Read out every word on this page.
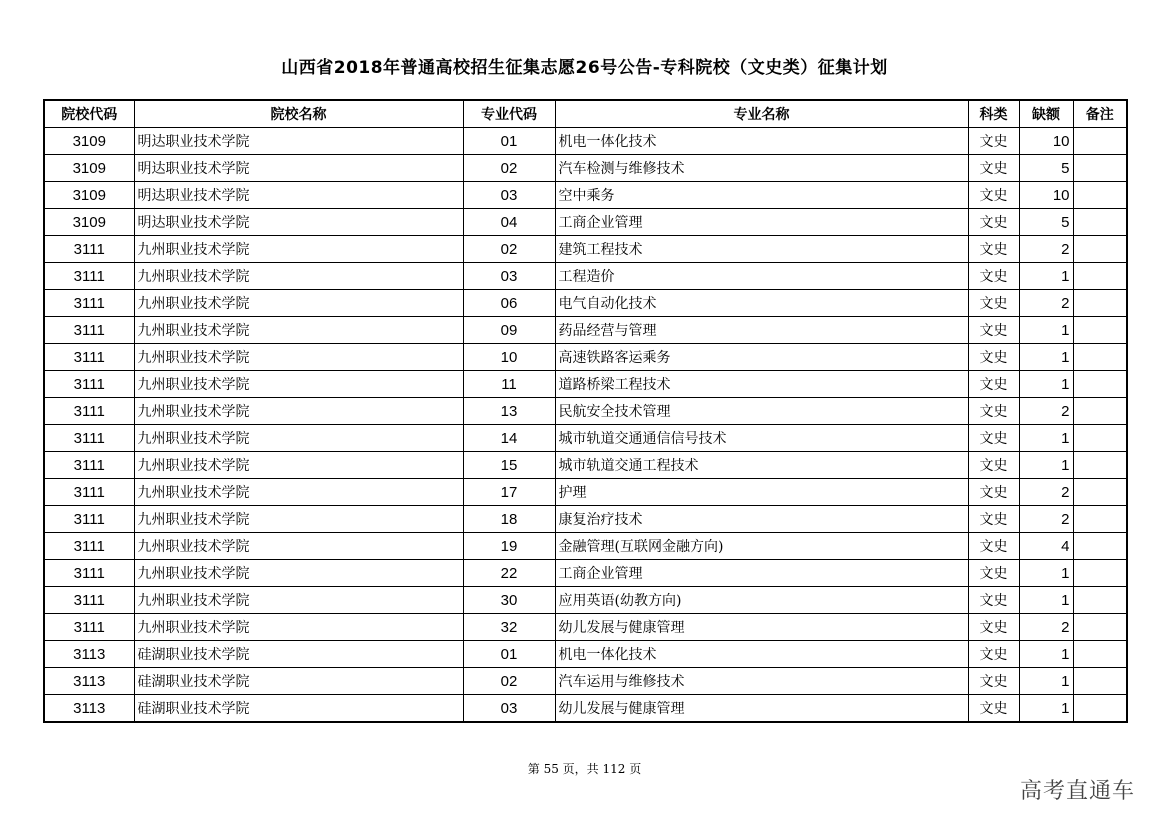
山西省2018年普通高校招生征集志愿26号公告-专科院校（文史类）征集计划
院校代码	院校名称	专业代码	专业名称	科类	缺额	备注
3109	明达职业技术学院	01	机电一体化技术	文史	10	
3109	明达职业技术学院	02	汽车检测与维修技术	文史	5	
3109	明达职业技术学院	03	空中乘务	文史	10	
3109	明达职业技术学院	04	工商企业管理	文史	5	
3111	九州职业技术学院	02	建筑工程技术	文史	2	
3111	九州职业技术学院	03	工程造价	文史	1	
3111	九州职业技术学院	06	电气自动化技术	文史	2	
3111	九州职业技术学院	09	药品经营与管理	文史	1	
3111	九州职业技术学院	10	高速铁路客运乘务	文史	1	
3111	九州职业技术学院	11	道路桥梁工程技术	文史	1	
3111	九州职业技术学院	13	民航安全技术管理	文史	2	
3111	九州职业技术学院	14	城市轨道交通通信信号技术	文史	1	
3111	九州职业技术学院	15	城市轨道交通工程技术	文史	1	
3111	九州职业技术学院	17	护理	文史	2	
3111	九州职业技术学院	18	康复治疗技术	文史	2	
3111	九州职业技术学院	19	金融管理(互联网金融方向)	文史	4	
3111	九州职业技术学院	22	工商企业管理	文史	1	
3111	九州职业技术学院	30	应用英语(幼教方向)	文史	1	
3111	九州职业技术学院	32	幼儿发展与健康管理	文史	2	
3113	硅湖职业技术学院	01	机电一体化技术	文史	1	
3113	硅湖职业技术学院	02	汽车运用与维修技术	文史	1	
3113	硅湖职业技术学院	03	幼儿发展与健康管理	文史	1	
第 55 页，共 112 页
高考直通车
